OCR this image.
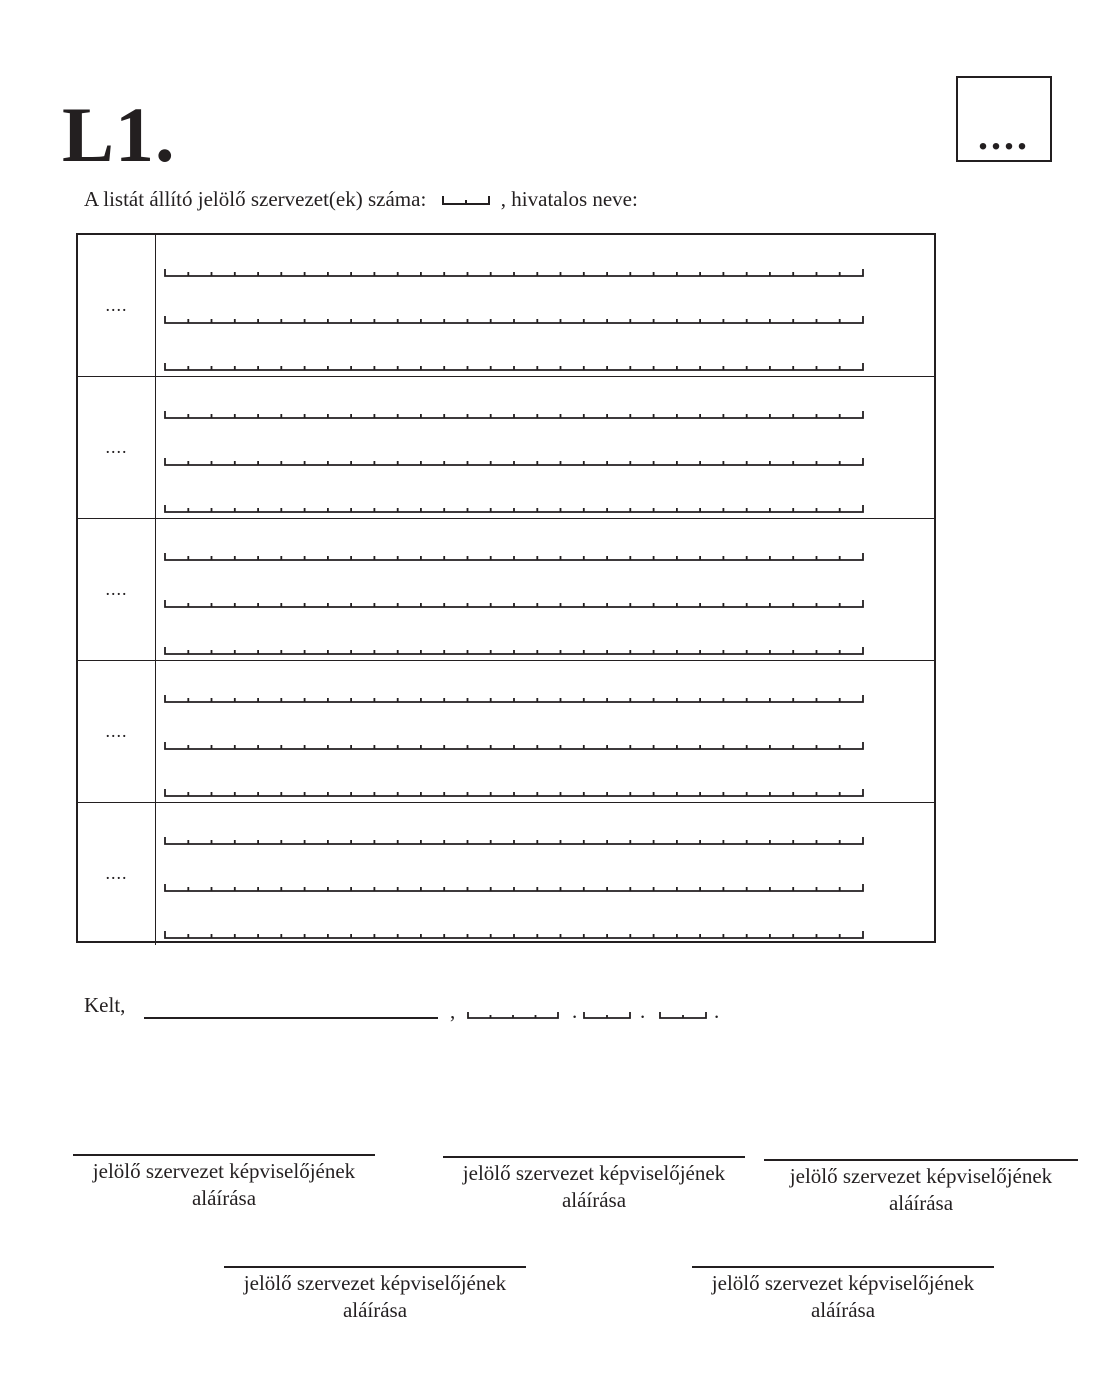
L1.	....
A listát állító jelölő szervezet(ek) száma:	, hivatalos neve:
....
....
....
....
....
Kelt,	,	.	.	.
jelölő szervezet képviselőjének
aláírása
jelölő szervezet képviselőjének
aláírása
jelölő szervezet képviselőjének
aláírása
jelölő szervezet képviselőjének
aláírása
jelölő szervezet képviselőjének
aláírása
